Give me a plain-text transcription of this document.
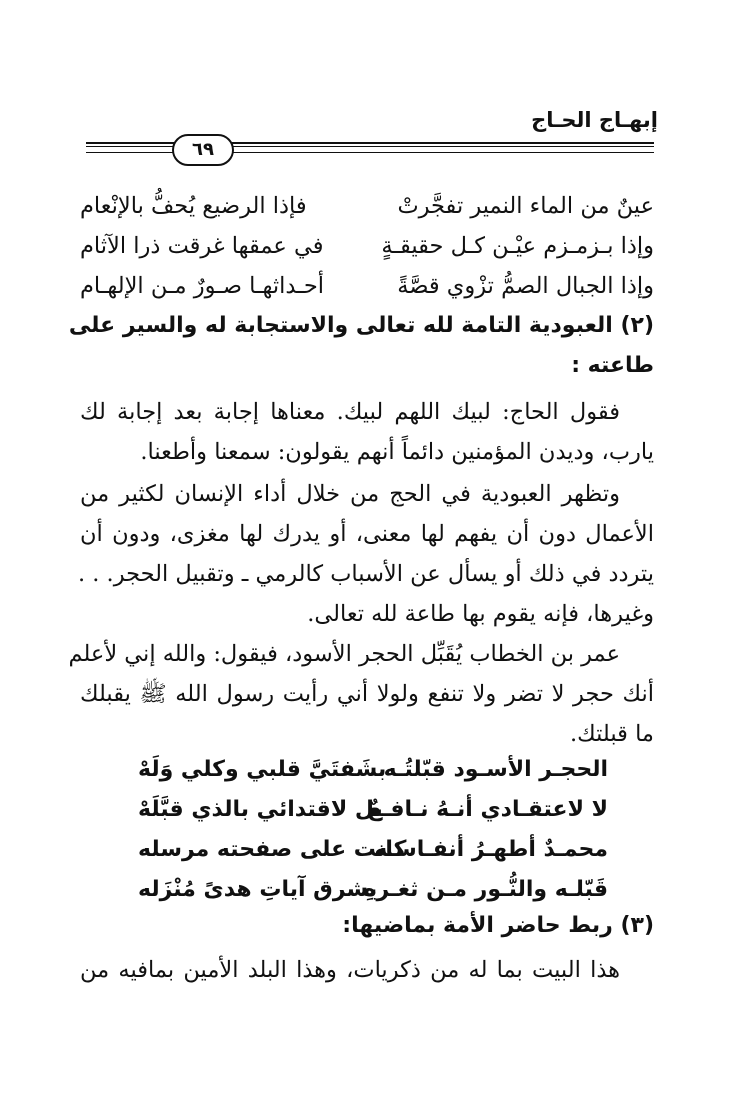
إبهـاج الحـاج
٦٩
عينٌ من الماء النمير تفجَّرتْ
فإذا الرضيع يُحفُّ بالإنْعام
وإذا بـزمـزم عيْـن كـل حقيقـةٍ
في عمقها غرقت ذرا الآثام
وإذا الجبال الصمُّ تزْوي قصَّةً
أحـداثهـا صـورٌ مـن الإلهـام
(٢) العبودية التامة لله تعالى والاستجابة له والسير على
طاعته :
فقول الحاج: لبيك اللهم لبيك. معناها إجابة بعد إجابة لك
يارب، وديدن المؤمنين دائماً أنهم يقولون: سمعنا وأطعنا.
وتظهر العبودية في الحج من خلال أداء الإنسان لكثير من
الأعمال دون أن يفهم لها معنى، أو يدرك لها مغزى، ودون أن
يتردد في ذلك أو يسأل عن الأسباب كالرمي ـ وتقبيل الحجر. . .
وغيرها، فإنه يقوم بها طاعة لله تعالى.
عمر بن الخطاب يُقَبِّل الحجر الأسود، فيقول: والله إني لأعلم
أنك حجر لا تضر ولا تنفع ولولا أني رأيت رسول الله ﷺ يقبلك
ما قبلتك.
الحجـر الأسـود قبّلتُـه
بشَفتَيَّ قلبي وكلي وَلَهْ
لا لاعتقـادي أنـهُ نـافـعٌ
بل لاقتدائي بالذي قبَّلَهْ
محمـدٌ أطهـرُ أنفـاسـه
كانت على صفحته مرسله
قَبّلـه والنُّـور مـن ثغـرهِ
يشرق آياتِ هدىً مُنْزَله
(٣) ربط حاضر الأمة بماضيها:
هذا البيت بما له من ذكريات، وهذا البلد الأمين بمافيه من
